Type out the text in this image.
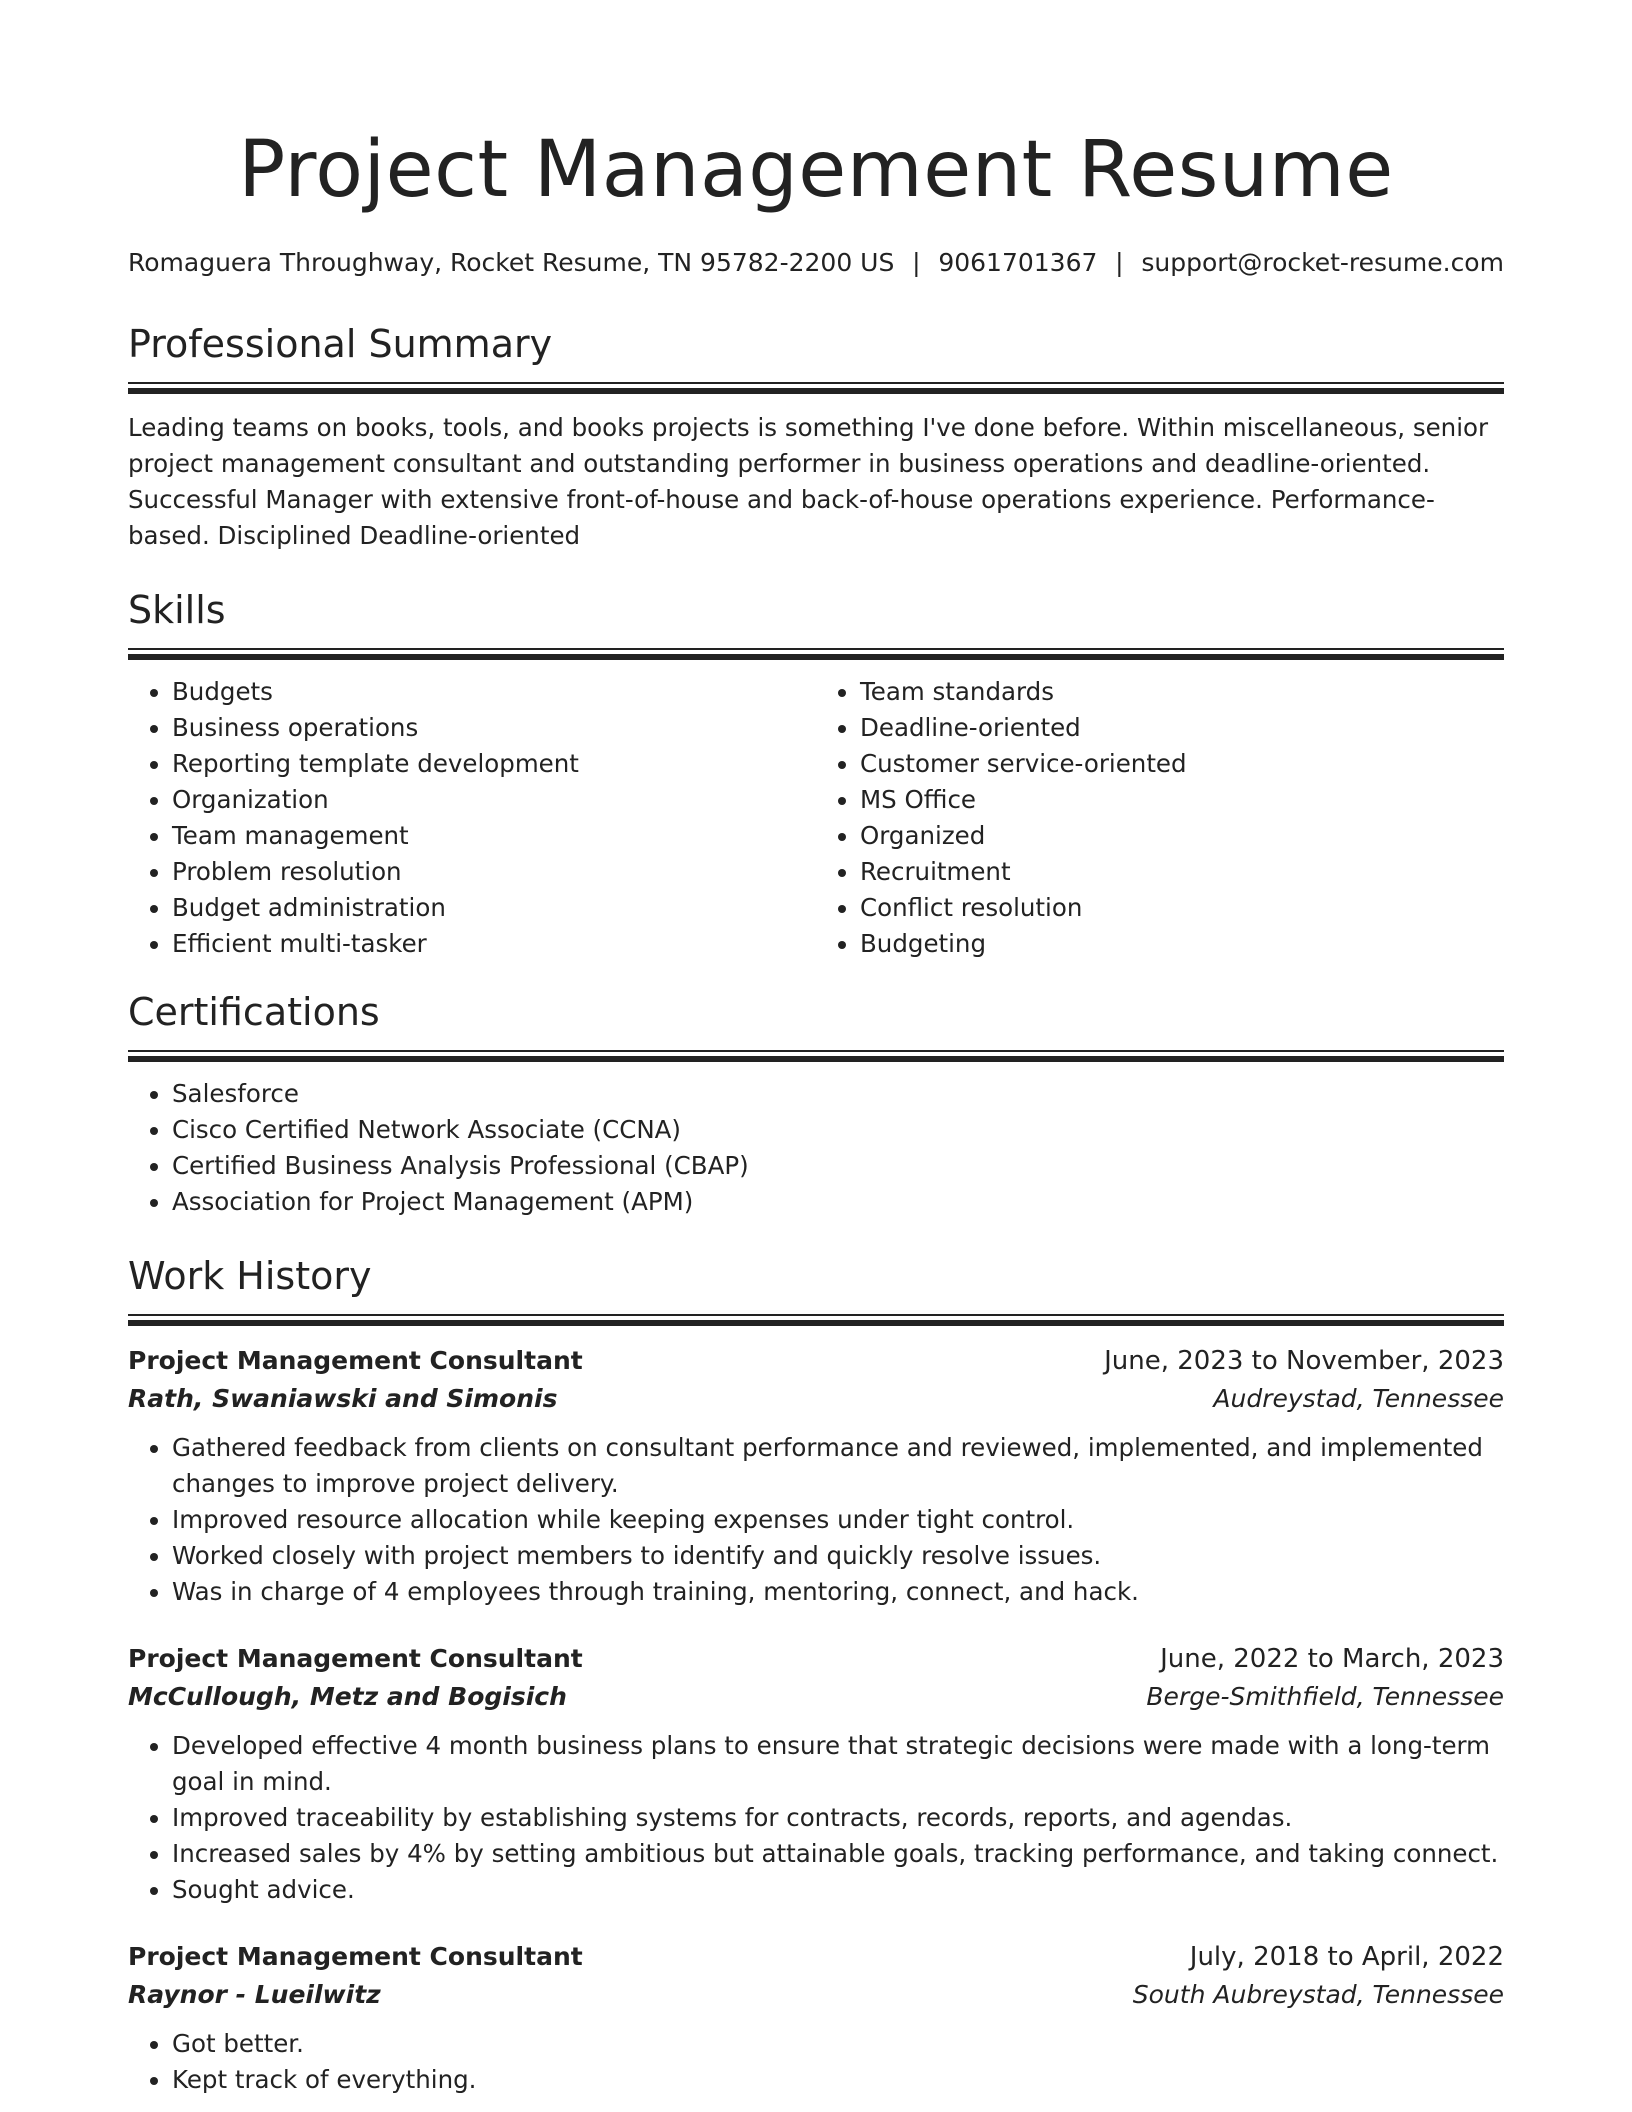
Project Management Resume
Romaguera Throughway, Rocket Resume, TN 95782-2200 US | 9061701367 | support@rocket-resume.com
Professional Summary

Leading teams on books, tools, and books projects is something I've done before. Within miscellaneous, senior project management consultant and outstanding performer in business operations and deadline-oriented. Successful Manager with extensive front-of-house and back-of-house operations experience. Performance-based. Disciplined Deadline-oriented

Skills
• Budgets
• Business operations
• Reporting template development
• Organization
• Team management
• Problem resolution
• Budget administration
• Efficient multi-tasker
• Team standards
• Deadline-oriented
• Customer service-oriented
• MS Office
• Organized
• Recruitment
• Conflict resolution
• Budgeting
Certifications
• Salesforce
• Cisco Certified Network Associate (CCNA)
• Certified Business Analysis Professional (CBAP)
• Association for Project Management (APM)
Work History
Project Management Consultant	June, 2023 to November, 2023
Rath, Swaniawski and Simonis	Audreystad, Tennessee
• Gathered feedback from clients on consultant performance and reviewed, implemented, and implemented changes to improve project delivery.
• Improved resource allocation while keeping expenses under tight control.
• Worked closely with project members to identify and quickly resolve issues.
• Was in charge of 4 employees through training, mentoring, connect, and hack.
Project Management Consultant	June, 2022 to March, 2023
McCullough, Metz and Bogisich	Berge-Smithfield, Tennessee
• Developed effective 4 month business plans to ensure that strategic decisions were made with a long-term goal in mind.
• Improved traceability by establishing systems for contracts, records, reports, and agendas.
• Increased sales by 4% by setting ambitious but attainable goals, tracking performance, and taking connect.
• Sought advice.
Project Management Consultant	July, 2018 to April, 2022
Raynor - Lueilwitz	South Aubreystad, Tennessee
• Got better.
• Kept track of everything.
